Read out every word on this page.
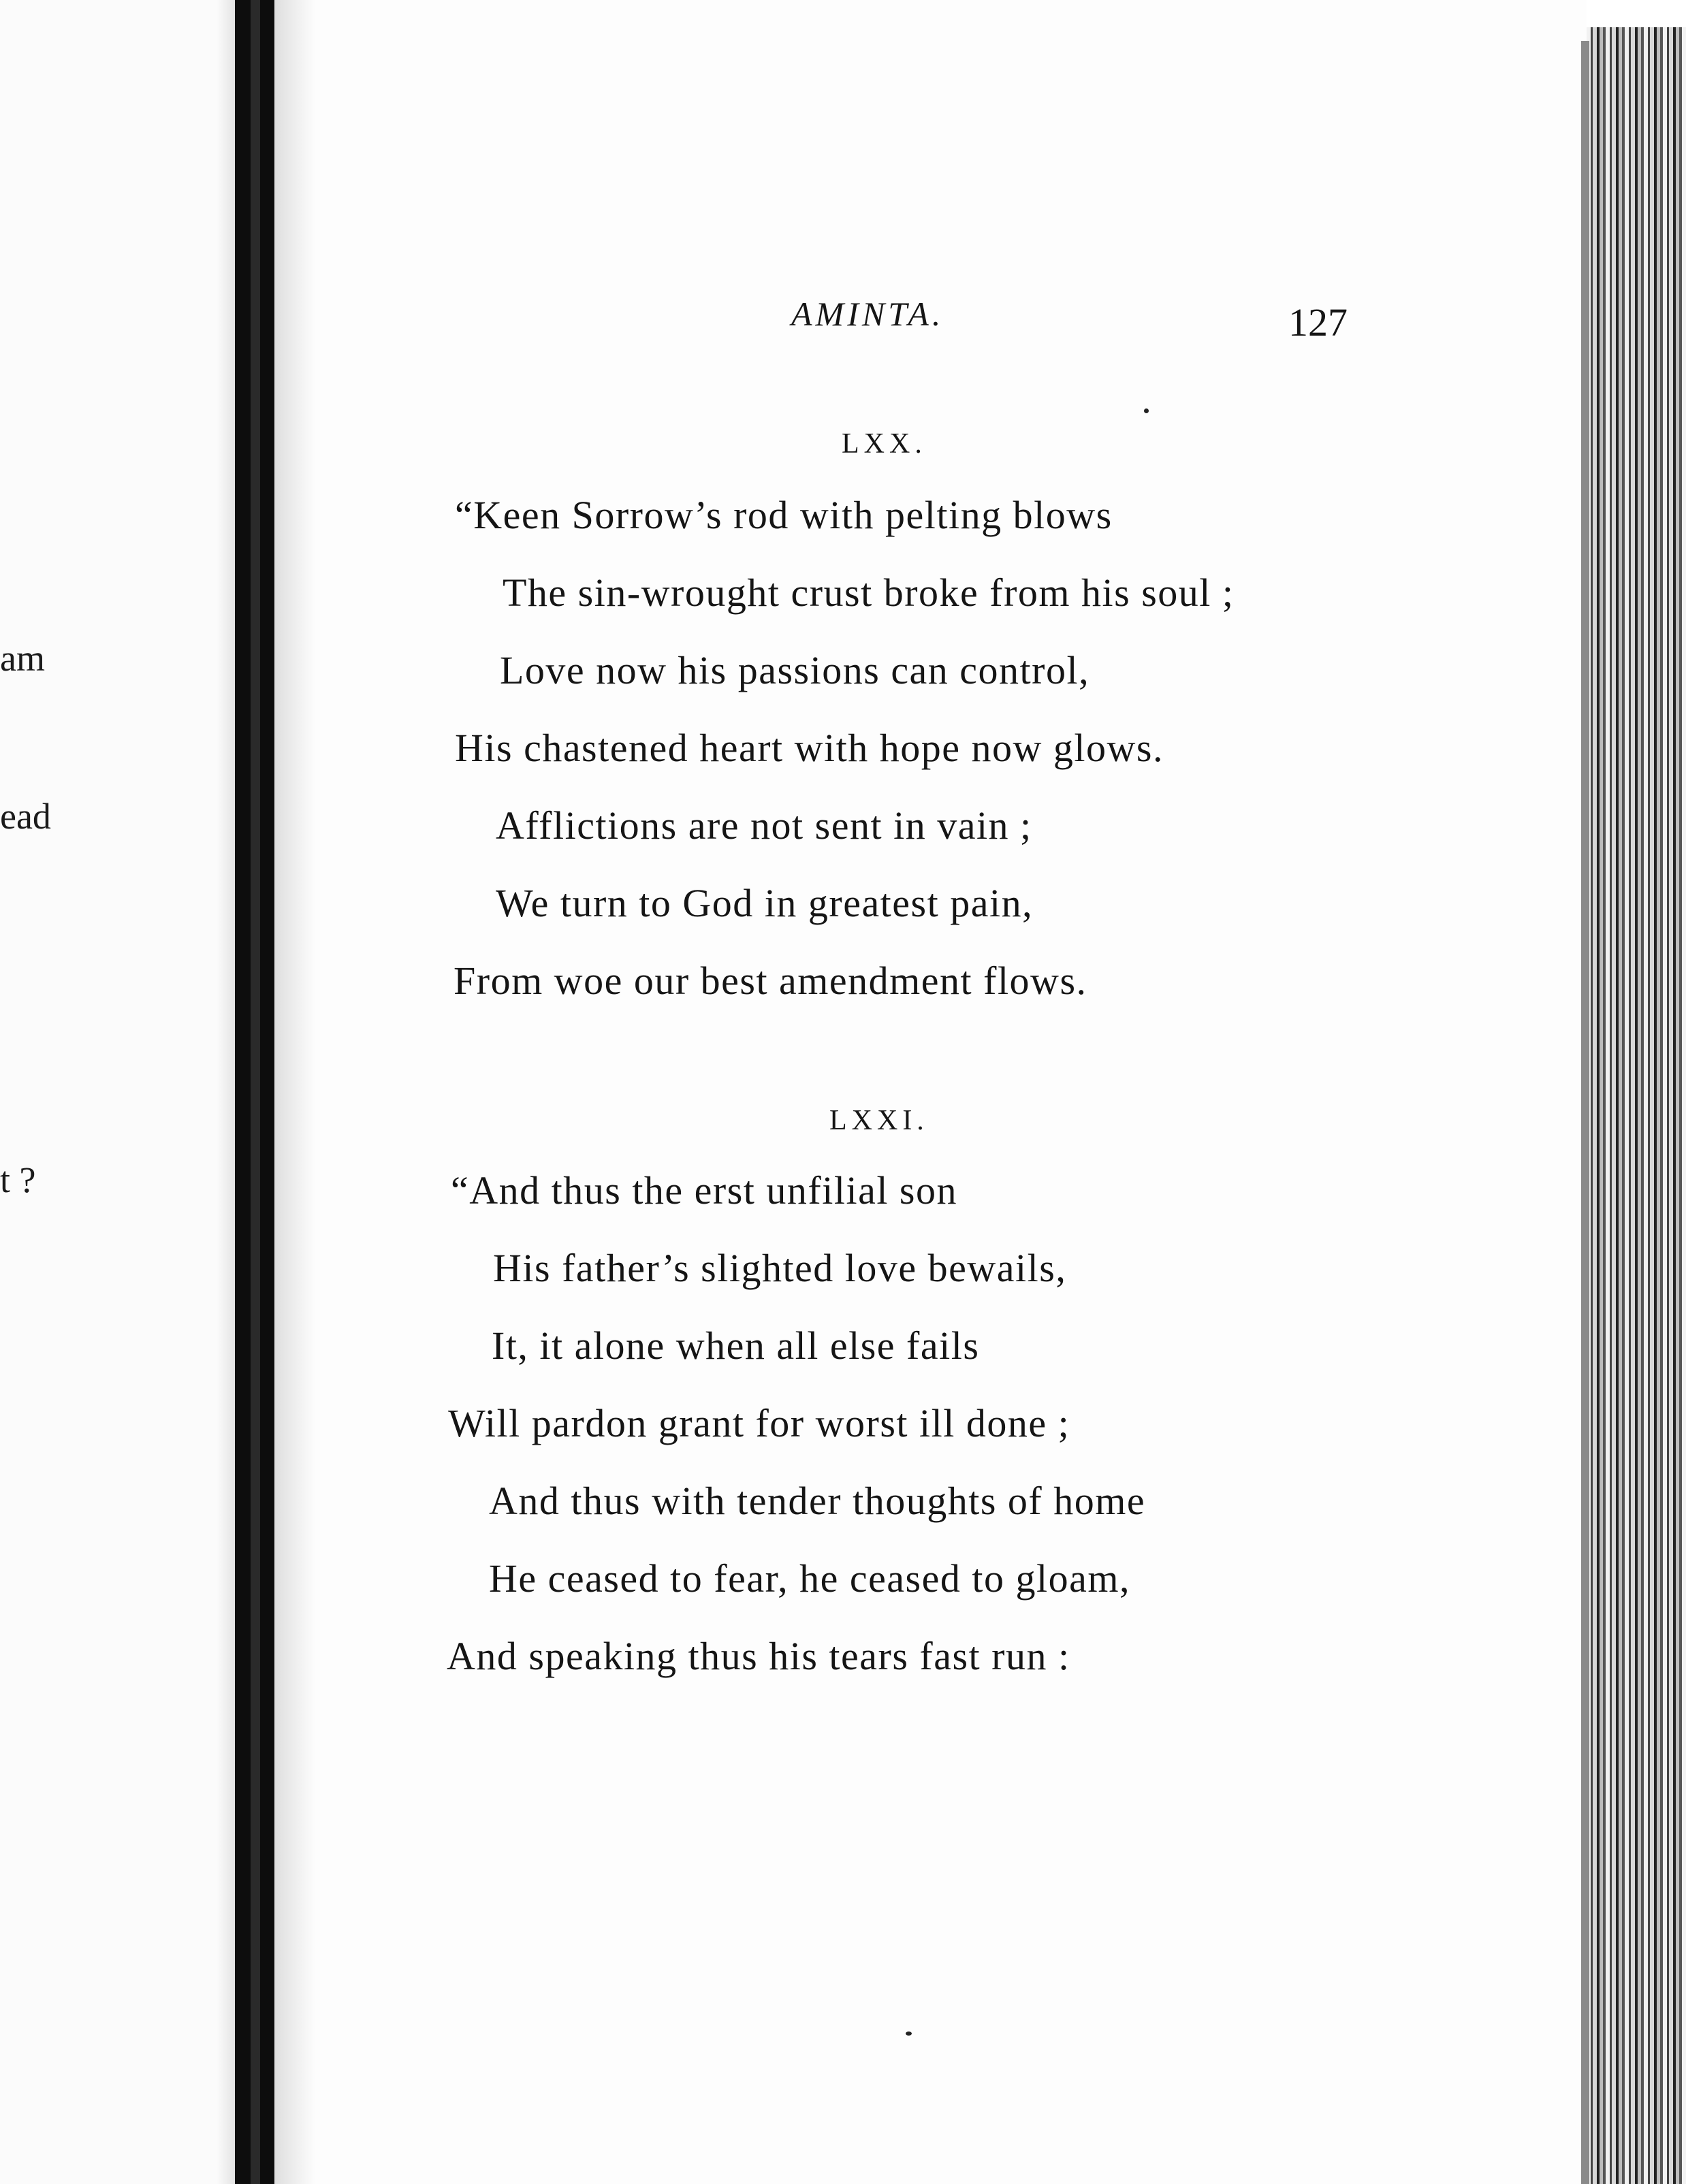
am
ead
t ?
AMINTA.	127
LXX.
“Keen Sorrow’s rod with pelting blows
The sin-wrought crust broke from his soul ;
Love now his passions can control,
His chastened heart with hope now glows.
Afflictions are not sent in vain ;
We turn to God in greatest pain,
From woe our best amendment flows.
LXXI.
“And thus the erst unfilial son
His father’s slighted love bewails,
It, it alone when all else fails
Will pardon grant for worst ill done ;
And thus with tender thoughts of home
He ceased to fear, he ceased to gloam,
And speaking thus his tears fast run :
